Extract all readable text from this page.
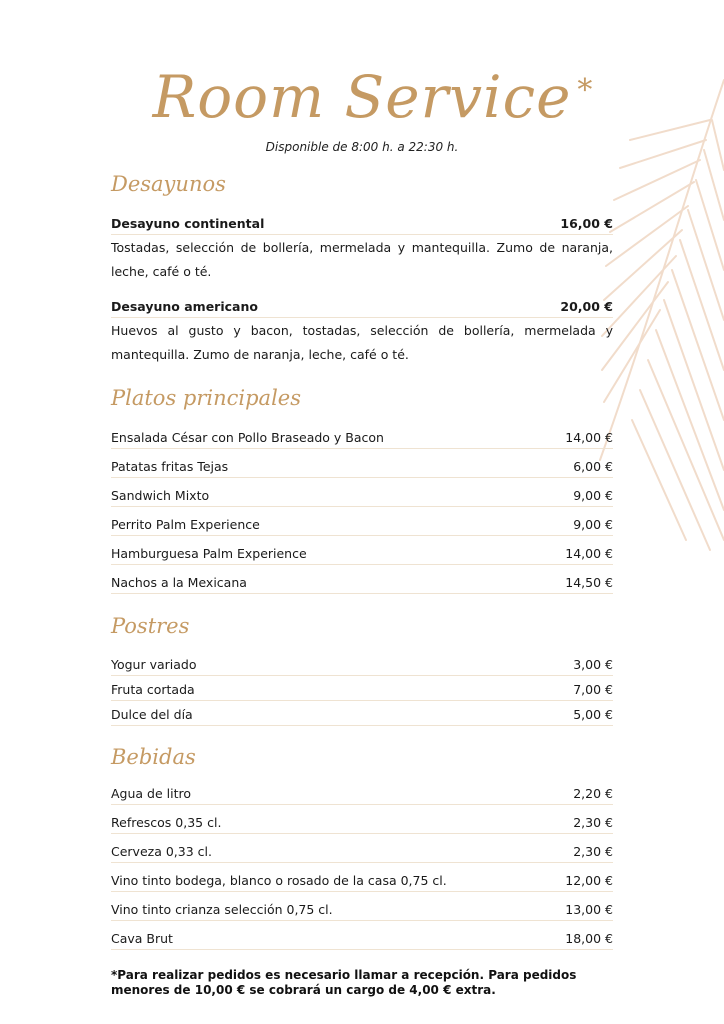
Room Service *
Disponible de 8:00 h. a 22:30 h.
Desayunos
Desayuno continental	16,00 €
Tostadas, selección de bollería, mermelada y mantequilla. Zumo de naranja, leche, café o té.
Desayuno americano	20,00 €
Huevos al gusto y bacon, tostadas, selección de bollería, mermelada y mantequilla. Zumo de naranja, leche, café o té.
Platos principales
Ensalada César con Pollo Braseado y Bacon	14,00 €
Patatas fritas Tejas	6,00 €
Sandwich Mixto	9,00 €
Perrito Palm Experience	9,00 €
Hamburguesa Palm Experience	14,00 €
Nachos a la Mexicana	14,50 €
Postres
Yogur variado	3,00 €
Fruta cortada	7,00 €
Dulce del día	5,00 €
Bebidas
Agua de litro	2,20 €
Refrescos 0,35 cl.	2,30 €
Cerveza 0,33 cl.	2,30 €
Vino tinto bodega, blanco o rosado de la casa 0,75 cl.	12,00 €
Vino tinto crianza selección 0,75 cl.	13,00 €
Cava Brut	18,00 €
*Para realizar pedidos es necesario llamar a recepción. Para pedidos menores de 10,00 € se cobrará un cargo de 4,00 € extra.
